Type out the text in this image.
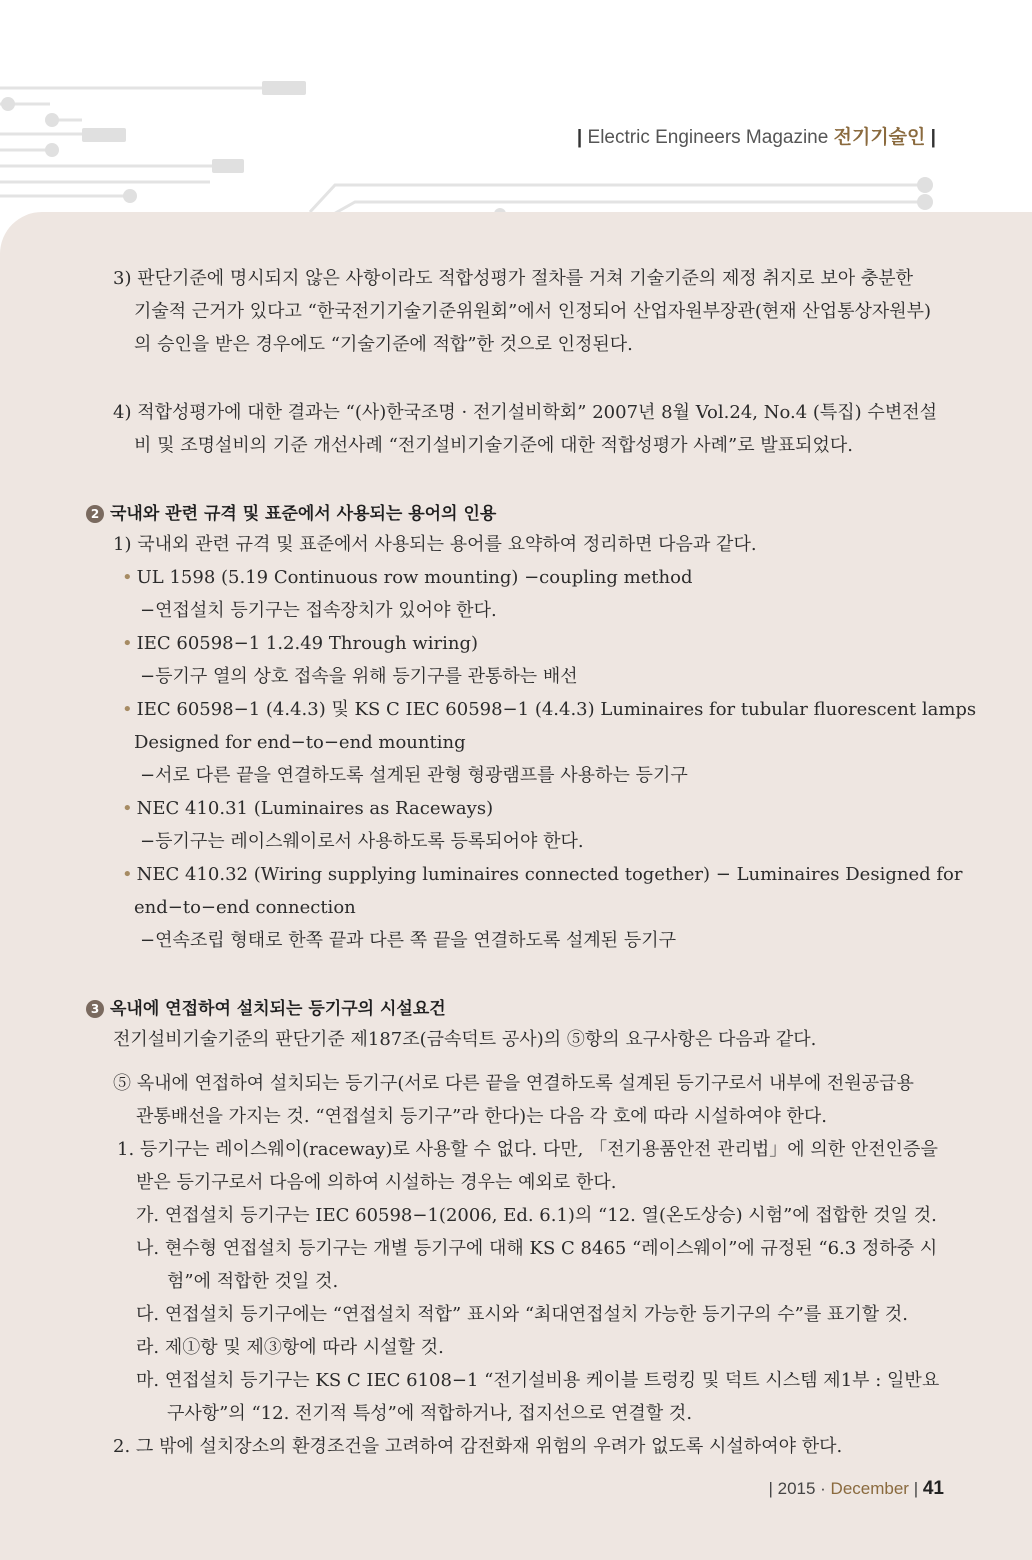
| Electric Engineers Magazine 전기기술인 |
3) 판단기준에 명시되지 않은 사항이라도 적합성평가 절차를 거쳐 기술기준의 제정 취지로 보아 충분한
기술적 근거가 있다고 “한국전기기술기준위원회”에서 인정되어 산업자원부장관(현재 산업통상자원부)
의 승인을 받은 경우에도 “기술기준에 적합”한 것으로 인정된다.
4) 적합성평가에 대한 결과는 “(사)한국조명 · 전기설비학회” 2007년 8월 Vol.24, No.4 (특집) 수변전설
비 및 조명설비의 기준 개선사례 “전기설비기술기준에 대한 적합성평가 사례”로 발표되었다.
2 국내와 관련 규격 및 표준에서 사용되는 용어의 인용
1) 국내외 관련 규격 및 표준에서 사용되는 용어를 요약하여 정리하면 다음과 같다.
• UL 1598 (5.19 Continuous row mounting) −coupling method
−연접설치 등기구는 접속장치가 있어야 한다.
• IEC 60598−1 1.2.49 Through wiring)
−등기구 열의 상호 접속을 위해 등기구를 관통하는 배선
• IEC 60598−1 (4.4.3) 및 KS C IEC 60598−1 (4.4.3) Luminaires for tubular fluorescent lamps
Designed for end−to−end mounting
−서로 다른 끝을 연결하도록 설계된 관형 형광램프를 사용하는 등기구
• NEC 410.31 (Luminaires as Raceways)
−등기구는 레이스웨이로서 사용하도록 등록되어야 한다.
• NEC 410.32 (Wiring supplying luminaires connected together) − Luminaires Designed for
end−to−end connection
−연속조립 형태로 한쪽 끝과 다른 쪽 끝을 연결하도록 설계된 등기구
3 옥내에 연접하여 설치되는 등기구의 시설요건
전기설비기술기준의 판단기준 제187조(금속덕트 공사)의 ⑤항의 요구사항은 다음과 같다.
⑤ 옥내에 연접하여 설치되는 등기구(서로 다른 끝을 연결하도록 설계된 등기구로서 내부에 전원공급용
관통배선을 가지는 것. “연접설치 등기구”라 한다)는 다음 각 호에 따라 시설하여야 한다.
1. 등기구는 레이스웨이(raceway)로 사용할 수 없다. 다만, 「전기용품안전 관리법」에 의한 안전인증을
받은 등기구로서 다음에 의하여 시설하는 경우는 예외로 한다.
가. 연접설치 등기구는 IEC 60598−1(2006, Ed. 6.1)의 “12. 열(온도상승) 시험”에 접합한 것일 것.
나. 현수형 연접설치 등기구는 개별 등기구에 대해 KS C 8465 “레이스웨이”에 규정된 “6.3 정하중 시
험”에 적합한 것일 것.
다. 연접설치 등기구에는 “연접설치 적합” 표시와 “최대연접설치 가능한 등기구의 수”를 표기할 것.
라. 제①항 및 제③항에 따라 시설할 것.
마. 연접설치 등기구는 KS C IEC 6108−1 “전기설비용 케이블 트렁킹 및 덕트 시스템 제1부 : 일반요
구사항”의 “12. 전기적 특성”에 적합하거나, 접지선으로 연결할 것.
2. 그 밖에 설치장소의 환경조건을 고려하여 감전화재 위험의 우려가 없도록 시설하여야 한다.
| 2015 · December | 41
